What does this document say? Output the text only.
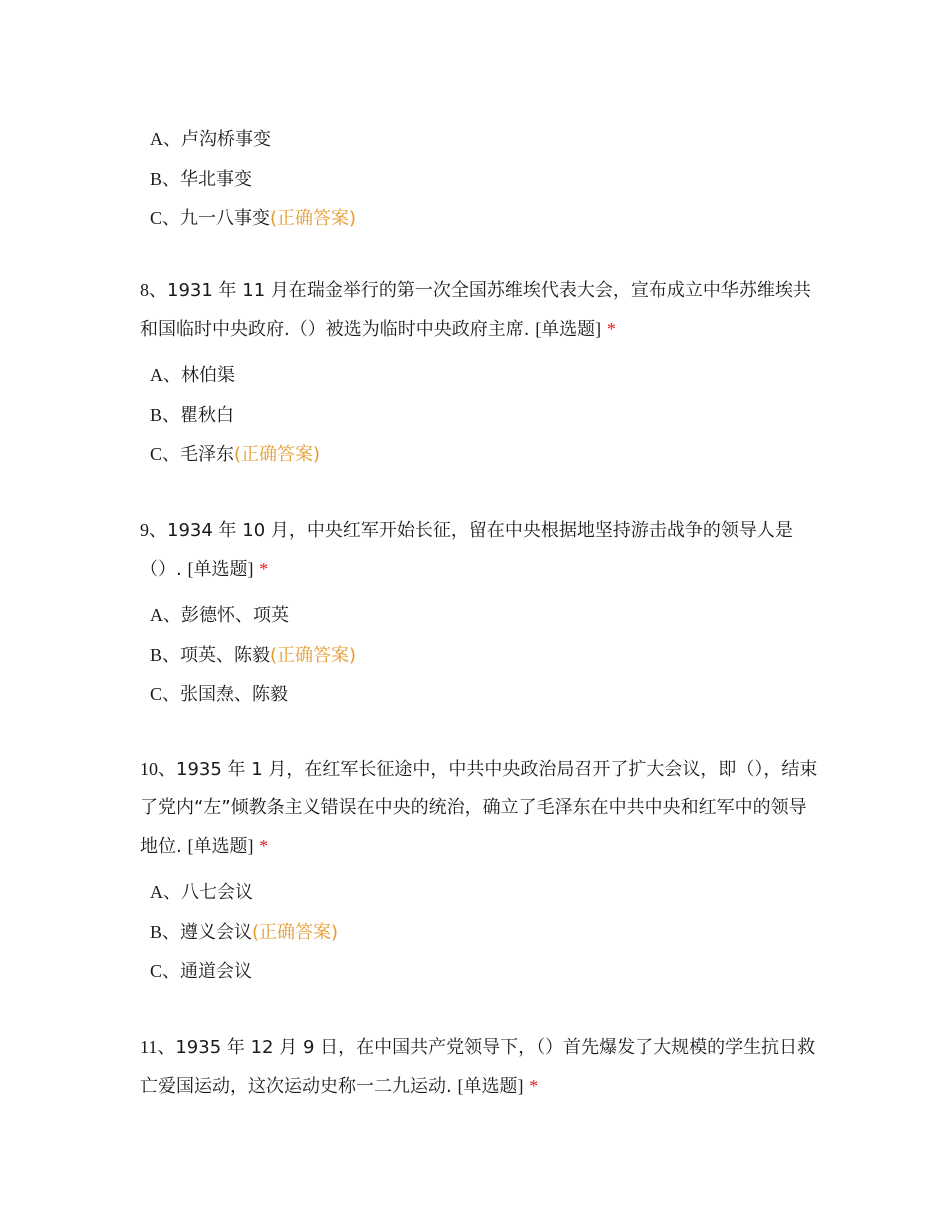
A、卢沟桥事变
B、华北事变
C、九一八事变(正确答案)

8、1931 年 11 月在瑞金举行的第一次全国苏维埃代表大会，宣布成立中华苏维埃共和国临时中央政府.（）被选为临时中央政府主席. [单选题] *

A、林伯渠
B、瞿秋白
C、毛泽东(正确答案)

9、1934 年 10 月，中央红军开始长征，留在中央根据地坚持游击战争的领导人是（）. [单选题] *

A、彭德怀、项英
B、项英、陈毅(正确答案)
C、张国焘、陈毅

10、1935 年 1 月，在红军长征途中，中共中央政治局召开了扩大会议，即（），结束了党内“左”倾教条主义错误在中央的统治，确立了毛泽东在中共中央和红军中的领导地位. [单选题] *

A、八七会议
B、遵义会议(正确答案)
C、通道会议

11、1935 年 12 月 9 日，在中国共产党领导下，（）首先爆发了大规模的学生抗日救亡爱国运动，这次运动史称一二九运动. [单选题] *
